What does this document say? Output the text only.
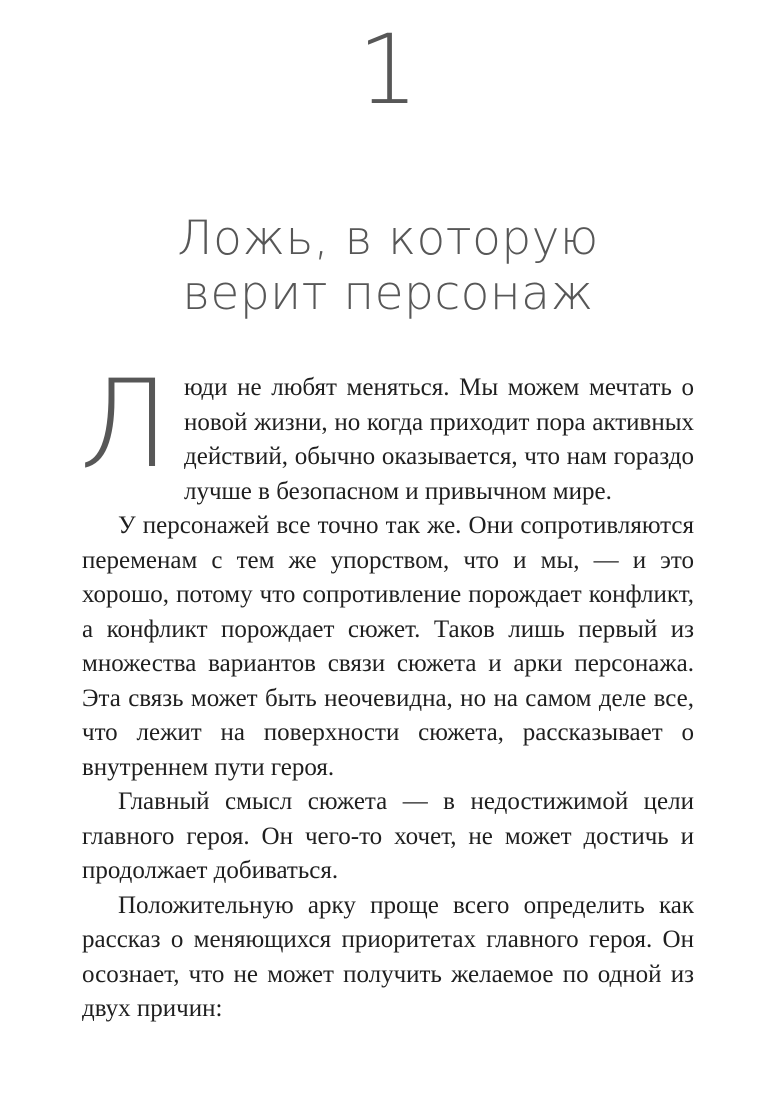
1
Ложь, в которую
верит персонаж

Люди не любят меняться. Мы можем мечтать о новой жизни, но когда приходит пора активных действий, обычно оказывается, что нам гораздо лучше в безопасном и привычном мире.

У персонажей все точно так же. Они сопротивляются переменам с тем же упорством, что и мы, — и это хорошо, потому что сопротивление порождает конфликт, а конфликт порождает сюжет. Таков лишь первый из множества вариантов связи сюжета и арки персонажа. Эта связь может быть неочевидна, но на самом деле все, что лежит на поверхности сюжета, рассказывает о внутреннем пути героя.

Главный смысл сюжета — в недостижимой цели главного героя. Он чего-то хочет, не может достичь и продолжает добиваться.

Положительную арку проще всего определить как рассказ о меняющихся приоритетах главного героя. Он осознает, что не может получить желаемое по одной из двух причин:
